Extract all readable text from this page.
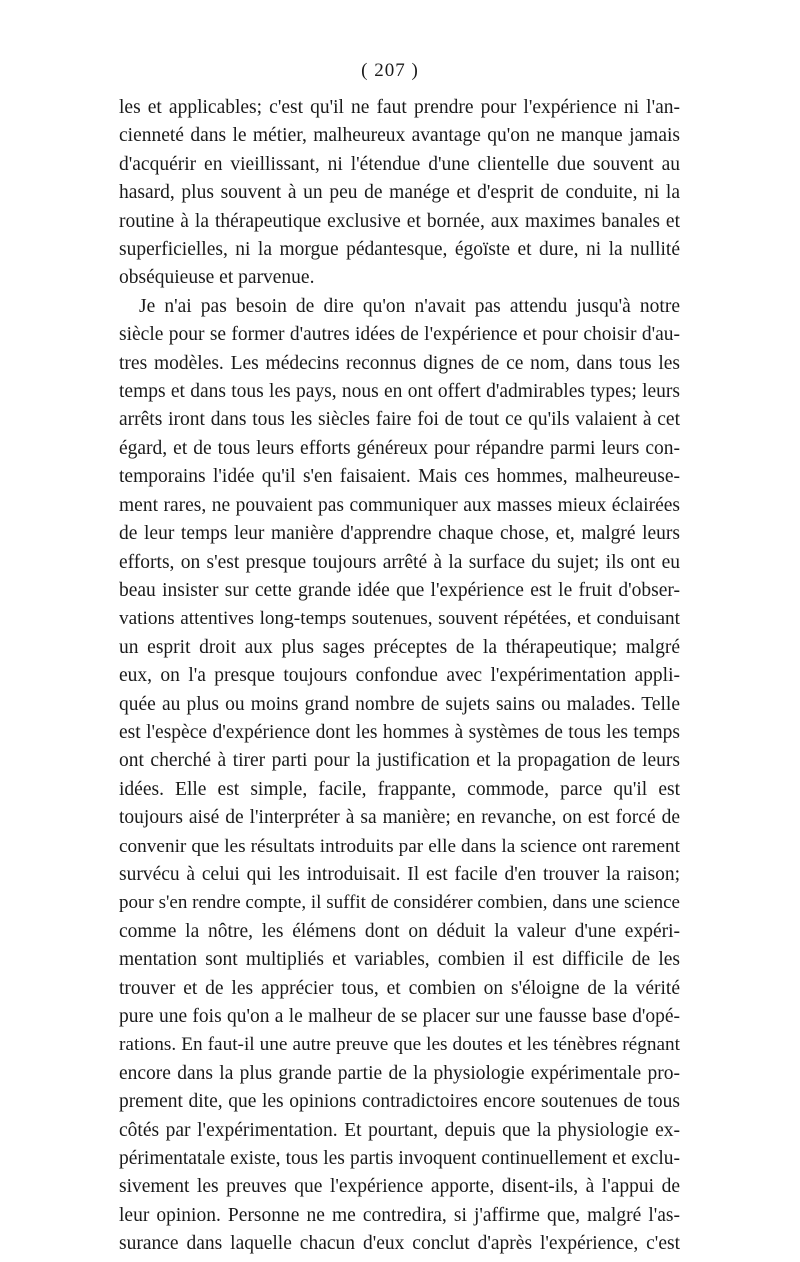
( 207 )
les et applicables; c'est qu'il ne faut prendre pour l'expérience ni l'an-
cienneté dans le métier, malheureux avantage qu'on ne manque jamais
d'acquérir en vieillissant, ni l'étendue d'une clientelle due souvent au
hasard, plus souvent à un peu de manége et d'esprit de conduite, ni la
routine à la thérapeutique exclusive et bornée, aux maximes banales et
superficielles, ni la morgue pédantesque, égoïste et dure, ni la nullité
obséquieuse et parvenue.
Je n'ai pas besoin de dire qu'on n'avait pas attendu jusqu'à notre
siècle pour se former d'autres idées de l'expérience et pour choisir d'au-
tres modèles. Les médecins reconnus dignes de ce nom, dans tous les
temps et dans tous les pays, nous en ont offert d'admirables types; leurs
arrêts iront dans tous les siècles faire foi de tout ce qu'ils valaient à cet
égard, et de tous leurs efforts généreux pour répandre parmi leurs con-
temporains l'idée qu'il s'en faisaient. Mais ces hommes, malheureuse-
ment rares, ne pouvaient pas communiquer aux masses mieux éclairées
de leur temps leur manière d'apprendre chaque chose, et, malgré leurs
efforts, on s'est presque toujours arrêté à la surface du sujet; ils ont eu
beau insister sur cette grande idée que l'expérience est le fruit d'obser-
vations attentives long-temps soutenues, souvent répétées, et conduisant
un esprit droit aux plus sages préceptes de la thérapeutique; malgré
eux, on l'a presque toujours confondue avec l'expérimentation appli-
quée au plus ou moins grand nombre de sujets sains ou malades. Telle
est l'espèce d'expérience dont les hommes à systèmes de tous les temps
ont cherché à tirer parti pour la justification et la propagation de leurs
idées. Elle est simple, facile, frappante, commode, parce qu'il est
toujours aisé de l'interpréter à sa manière; en revanche, on est forcé de
convenir que les résultats introduits par elle dans la science ont rarement
survécu à celui qui les introduisait. Il est facile d'en trouver la raison;
pour s'en rendre compte, il suffit de considérer combien, dans une science
comme la nôtre, les élémens dont on déduit la valeur d'une expéri-
mentation sont multipliés et variables, combien il est difficile de les
trouver et de les apprécier tous, et combien on s'éloigne de la vérité
pure une fois qu'on a le malheur de se placer sur une fausse base d'opé-
rations. En faut-il une autre preuve que les doutes et les ténèbres régnant
encore dans la plus grande partie de la physiologie expérimentale pro-
prement dite, que les opinions contradictoires encore soutenues de tous
côtés par l'expérimentation. Et pourtant, depuis que la physiologie ex-
périmentatale existe, tous les partis invoquent continuellement et exclu-
sivement les preuves que l'expérience apporte, disent-ils, à l'appui de
leur opinion. Personne ne me contredira, si j'affirme que, malgré l'as-
surance dans laquelle chacun d'eux conclut d'après l'expérience, c'est
